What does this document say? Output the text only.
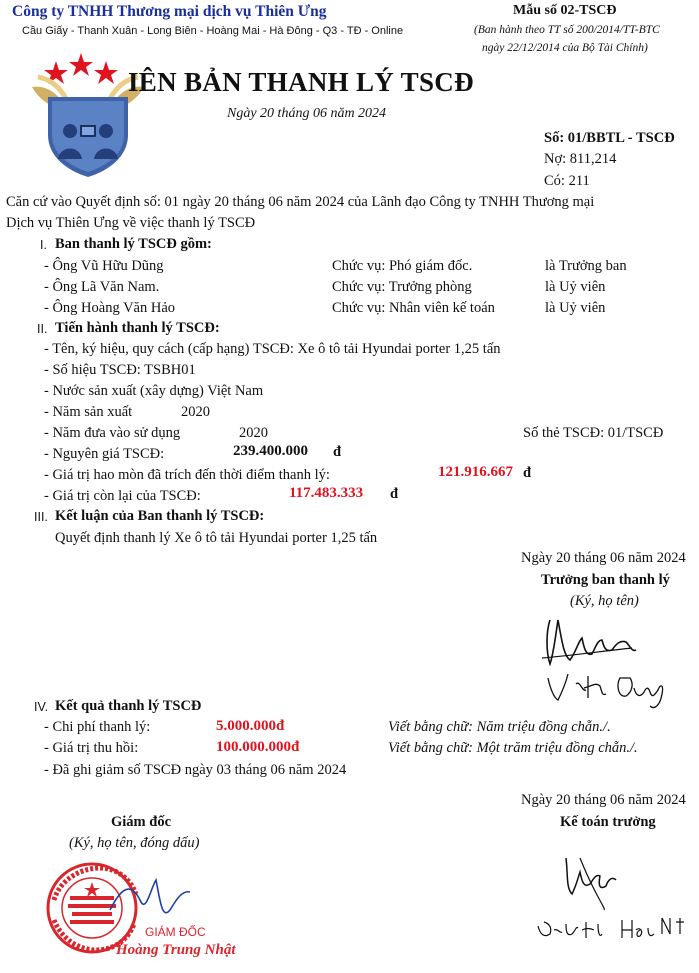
Công ty TNHH Thương mại dịch vụ Thiên Ưng
Cầu Giấy - Thanh Xuân - Long Biên - Hoàng Mai - Hà Đông - Q3 - TĐ - Online
Mẫu số 02-TSCĐ
(Ban hành theo TT số 200/2014/TT-BTC
ngày 22/12/2014 của Bộ Tài Chính)
IÊN BẢN THANH LÝ TSCĐ
Ngày 20 tháng 06 năm 2024
Số: 01/BBTL - TSCĐ
Nợ: 811,214
Có: 211
Căn cứ vào Quyết định số: 01 ngày 20 tháng 06 năm 2024 của Lãnh đạo Công ty TNHH Thương mại
Dịch vụ Thiên Ưng về việc thanh lý TSCĐ
I. Ban thanh lý TSCĐ gồm:
- Ông Vũ Hữu Dũng	Chức vụ: Phó giám đốc.	là Trưởng ban
- Ông Lã Văn Nam.	Chức vụ: Trưởng phòng	là Uỷ viên
- Ông Hoàng Văn Hảo	Chức vụ: Nhân viên kế toán	là Uỷ viên
II. Tiến hành thanh lý TSCĐ:
- Tên, ký hiệu, quy cách (cấp hạng) TSCĐ: Xe ô tô tải Hyundai porter 1,25 tấn
- Số hiệu TSCĐ: TSBH01
- Nước sản xuất (xây dựng) Việt Nam
- Năm sản xuất	2020
- Năm đưa vào sử dụng	2020	Số thẻ TSCĐ: 01/TSCĐ
- Nguyên giá TSCĐ:	239.400.000 đ
- Giá trị hao mòn đã trích đến thời điểm thanh lý:	121.916.667 đ
- Giá trị còn lại của TSCĐ:	117.483.333 đ
III. Kết luận của Ban thanh lý TSCĐ:
Quyết định thanh lý Xe ô tô tải Hyundai porter 1,25 tấn
Ngày 20 tháng 06 năm 2024
Trưởng ban thanh lý
(Ký, họ tên)
IV. Kết quả thanh lý TSCĐ
- Chi phí thanh lý:	5.000.000đ	Viết bằng chữ: Năm triệu đồng chẵn./.
- Giá trị thu hồi:	100.000.000đ	Viết bằng chữ: Một trăm triệu đồng chẵn./.
- Đã ghi giảm số TSCĐ ngày 03 tháng 06 năm 2024
Ngày 20 tháng 06 năm 2024
Giám đốc
(Ký, họ tên, đóng dấu)
Kế toán trưởng
GIÁM ĐỐC
Hoàng Trung Nhật
